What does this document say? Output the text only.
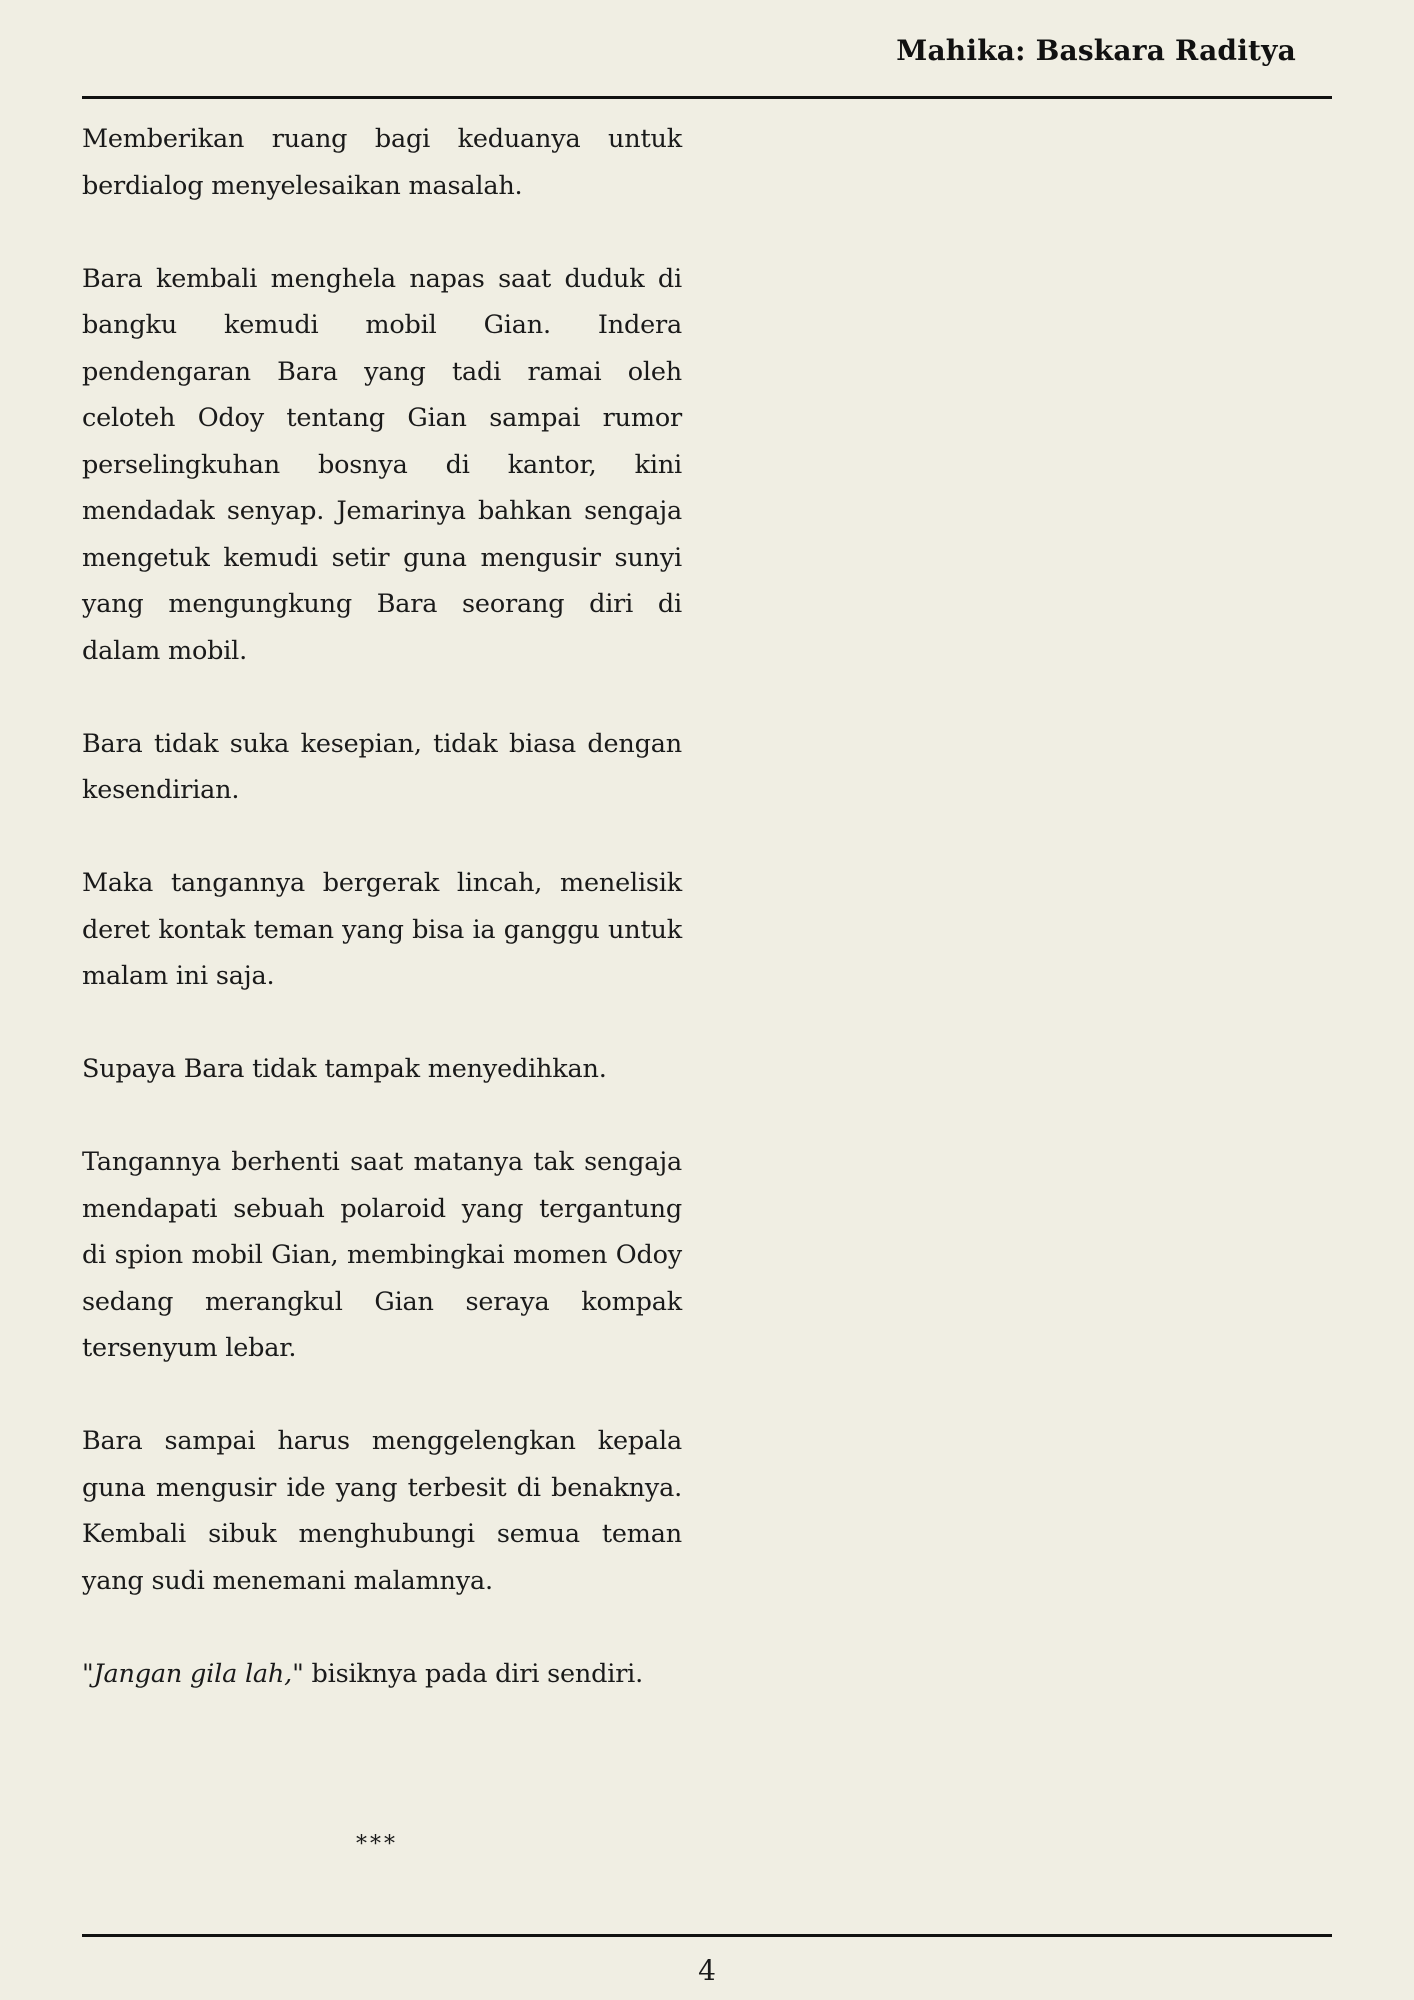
Mahika: Baskara Raditya

Memberikan ruang bagi keduanya untuk berdialog menyelesaikan masalah.

Bara kembali menghela napas saat duduk di bangku kemudi mobil Gian. Indera pendengaran Bara yang tadi ramai oleh celoteh Odoy tentang Gian sampai rumor perselingkuhan bosnya di kantor, kini mendadak senyap. Jemarinya bahkan sengaja mengetuk kemudi setir guna mengusir sunyi yang mengungkung Bara seorang diri di dalam mobil.

Bara tidak suka kesepian, tidak biasa dengan kesendirian.

Maka tangannya bergerak lincah, menelisik deret kontak teman yang bisa ia ganggu untuk malam ini saja.

Supaya Bara tidak tampak menyedihkan.

Tangannya berhenti saat matanya tak sengaja mendapati sebuah polaroid yang tergantung di spion mobil Gian, membingkai momen Odoy sedang merangkul Gian seraya kompak tersenyum lebar.

Bara sampai harus menggelengkan kepala guna mengusir ide yang terbesit di benaknya. Kembali sibuk menghubungi semua teman yang sudi menemani malamnya.

"Jangan gila lah," bisiknya pada diri sendiri.

***
4
